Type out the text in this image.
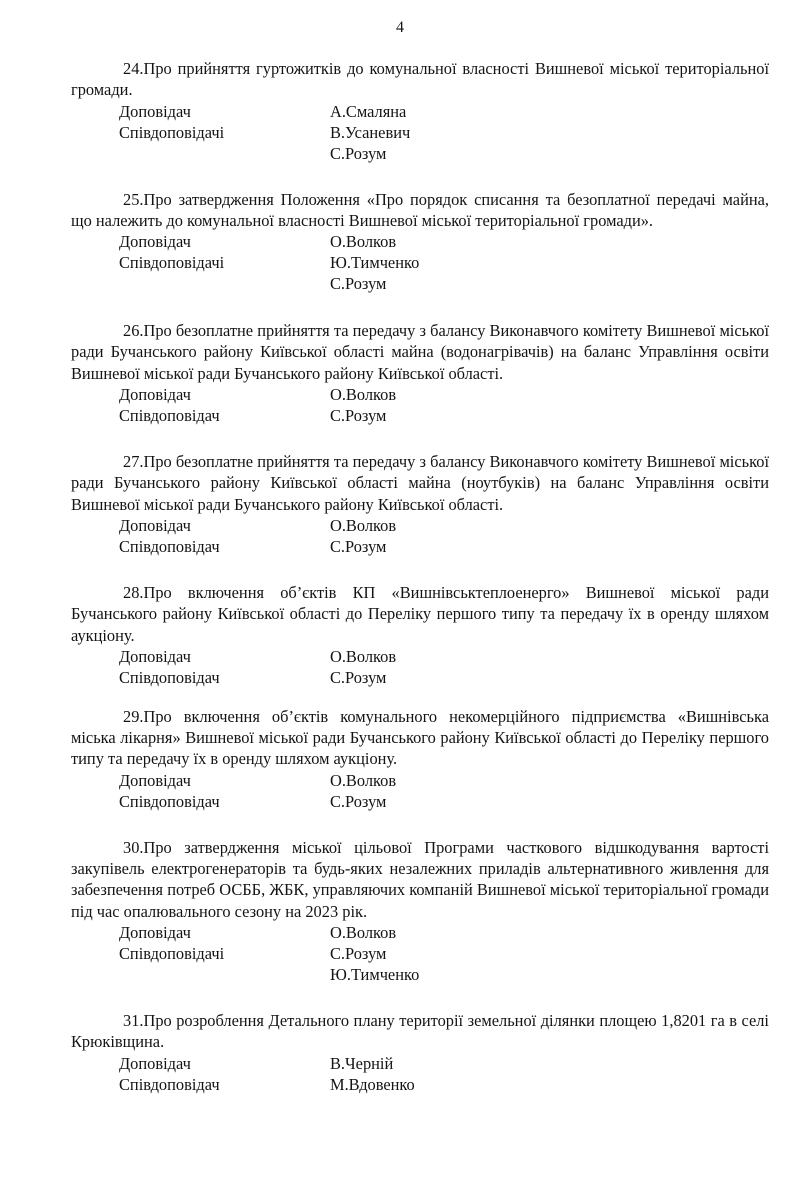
4

24.Про прийняття гуртожитків до комунальної власності Вишневої міської територіальної громади.

Доповідач	А.Смаляна
Співдоповідачі	В.Усаневич
С.Розум

25.Про затвердження Положення «Про порядок списання та безоплатної передачі майна, що належить до комунальної власності Вишневої міської територіальної громади».

Доповідач	О.Волков
Співдоповідачі	Ю.Тимченко
С.Розум

26.Про безоплатне прийняття та передачу з балансу Виконавчого комітету Вишневої міської ради Бучанського району Київської області майна (водонагрівачів) на баланс Управління освіти Вишневої міської ради Бучанського району Київської області.

Доповідач	О.Волков
Співдоповідач	С.Розум

27.Про безоплатне прийняття та передачу з балансу Виконавчого комітету Вишневої міської ради Бучанського району Київської області майна (ноутбуків) на баланс Управління освіти Вишневої міської ради Бучанського району Київської області.

Доповідач	О.Волков
Співдоповідач	С.Розум

28.Про включення об’єктів КП «Вишнівськтеплоенерго» Вишневої міської ради Бучанського району Київської області до Переліку першого типу та передачу їх в оренду шляхом аукціону.

Доповідач	О.Волков
Співдоповідач	С.Розум

29.Про включення об’єктів комунального некомерційного підприємства «Вишнівська міська лікарня» Вишневої міської ради Бучанського району Київської області до Переліку першого типу та передачу їх в оренду шляхом аукціону.

Доповідач	О.Волков
Співдоповідач	С.Розум

30.Про затвердження міської цільової Програми часткового відшкодування вартості закупівель електрогенераторів та будь-яких незалежних приладів альтернативного живлення для забезпечення потреб ОСББ, ЖБК, управляючих компаній Вишневої міської територіальної громади під час опалювального сезону на 2023 рік.

Доповідач	О.Волков
Співдоповідачі	С.Розум
Ю.Тимченко

31.Про розроблення Детального плану території земельної ділянки площею 1,8201 га в селі Крюківщина.

Доповідач	В.Черній
Співдоповідач	М.Вдовенко
